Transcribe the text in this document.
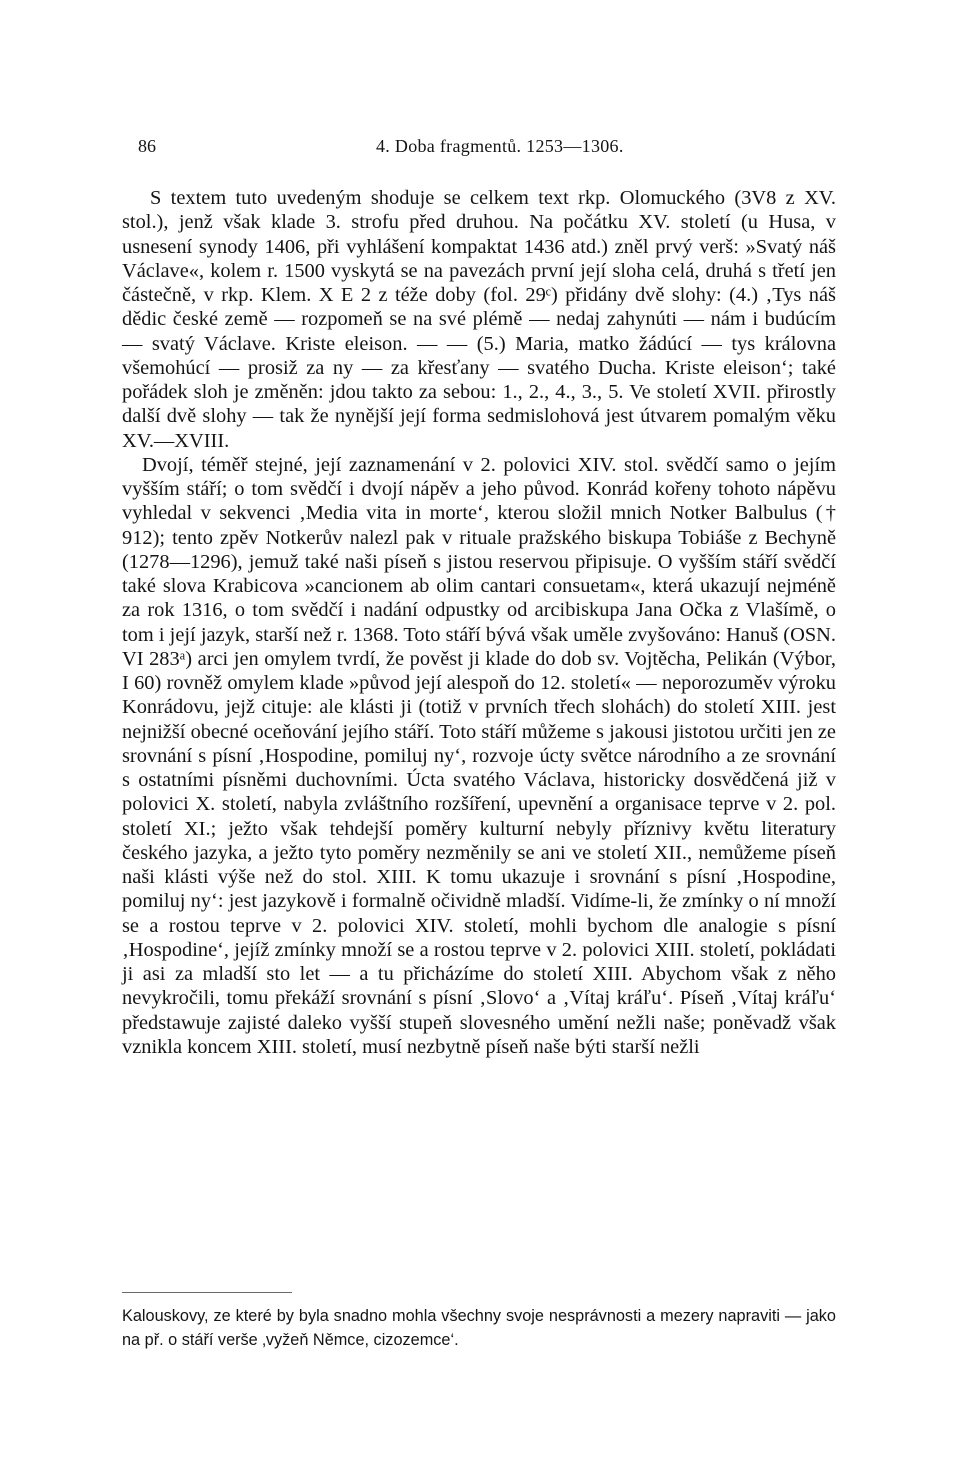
86	4. Doba fragmentů. 1253—1306.

S textem tuto uvedeným shoduje se celkem text rkp. Olomuckého (3V8 z XV. stol.), jenž však klade 3. strofu před druhou. Na počátku XV. století (u Husa, v usnesení synody 1406, při vyhlášení kompaktat 1436 atd.) zněl prvý verš: »Svatý náš Václave«, kolem r. 1500 vyskytá se na pavezách první její sloha celá, druhá s třetí jen částečně, v rkp. Klem. X E 2 z téže doby (fol. 29ᶜ) přidány dvě slohy: (4.) ‚Tys náš dědic české země — rozpomeň se na své plémě — nedaj zahynúti — nám i budúcím — svatý Václave. Kriste eleison. — — (5.) Maria, matko žádúcí — tys královna všemohúcí — prosiž za ny — za křesťany — svatého Ducha. Kriste eleison‘; také pořádek sloh je změněn: jdou takto za sebou: 1., 2., 4., 3., 5. Ve století XVII. přirostly další dvě slohy — tak že nynější její forma sedmislohová jest útvarem pomalým věku XV.—XVIII.

Dvojí, téměř stejné, její zaznamenání v 2. polovici XIV. stol. svědčí samo o jejím vyšším stáří; o tom svědčí i dvojí nápěv a jeho původ. Konrád kořeny tohoto nápěvu vyhledal v sekvenci ‚Media vita in morte‘, kterou složil mnich Notker Balbulus († 912); tento zpěv Notkerův nalezl pak v rituale pražského biskupa Tobiáše z Bechyně (1278—1296), jemuž také naši píseň s jistou reservou připisuje. O vyšším stáří svědčí také slova Krabicova »cancionem ab olim cantari consuetam«, která ukazují nejméně za rok 1316, o tom svědčí i nadání odpustky od arcibiskupa Jana Očka z Vlašímě, o tom i její jazyk, starší než r. 1368. Toto stáří bývá však uměle zvyšováno: Hanuš (OSN. VI 283ᵃ) arci jen omylem tvrdí, že pověst ji klade do dob sv. Vojtěcha, Pelikán (Výbor, I 60) rovněž omylem klade »původ její alespoň do 12. století« — neporozuměv výroku Konrádovu, jejž cituje: ale klásti ji (totiž v prvních třech slohách) do století XIII. jest nejnižší obecné oceňování jejího stáří. Toto stáří můžeme s jakousi jistotou určiti jen ze srovnání s písní ‚Hospodine, pomiluj ny‘, rozvoje úcty světce národního a ze srovnání s ostatními písněmi duchovními. Úcta svatého Václava, historicky dosvědčená již v polovici X. století, nabyla zvláštního rozšíření, upevnění a organisace teprve v 2. pol. století XI.; ježto však tehdejší poměry kulturní nebyly příznivy květu literatury českého jazyka, a ježto tyto poměry nezměnily se ani ve století XII., nemůžeme píseň naši klásti výše než do stol. XIII. K tomu ukazuje i srovnání s písní ‚Hospodine, pomiluj ny‘: jest jazykově i formalně očividně mladší. Vidíme-li, že zmínky o ní množí se a rostou teprve v 2. polovici XIV. století, mohli bychom dle analogie s písní ‚Hospodine‘, jejíž zmínky množí se a rostou teprve v 2. polovici XIII. století, pokládati ji asi za mladší sto let — a tu přicházíme do století XIII. Abychom však z něho nevykročili, tomu překáží srovnání s písní ‚Slovo‘ a ‚Vítaj kráľu‘. Píseň ‚Vítaj kráľu‘ předstawuje zajisté daleko vyšší stupeň slovesného umění nežli naše; poněvadž však vznikla koncem XIII. století, musí nezbytně píseň naše býti starší nežli

Kalouskovy, ze které by byla snadno mohla všechny svoje nesprávnosti a mezery napraviti — jako na př. o stáří verše ‚vyžeň Němce, cizozemce‘.
